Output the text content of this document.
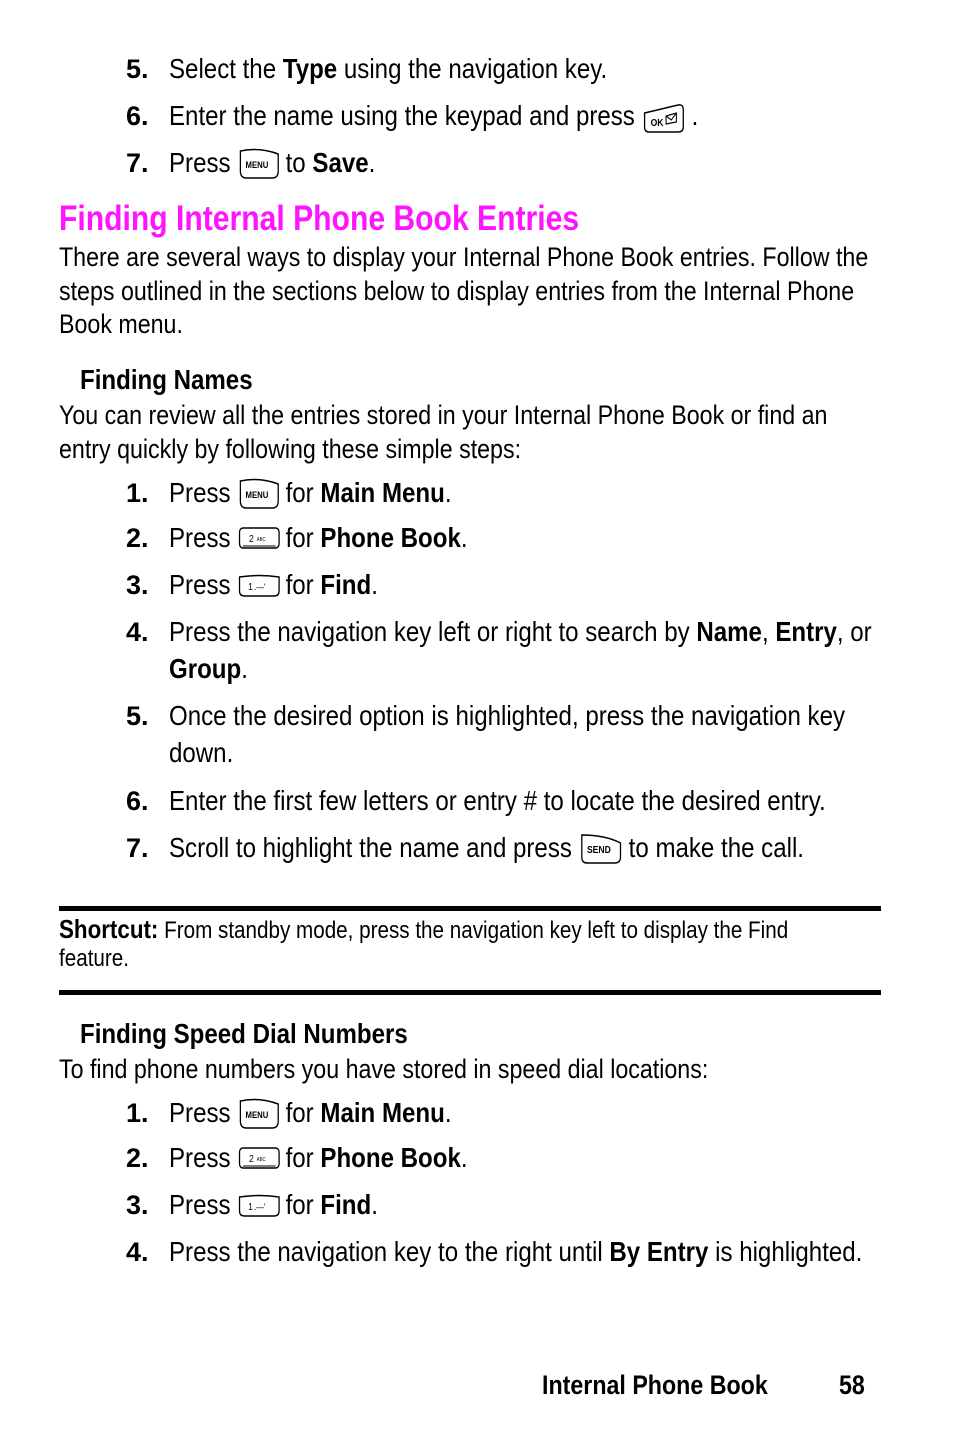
5. Select the Type using the navigation key.
6. Enter the name using the keypad and press OK .
7. Press MENU to Save.
Finding Internal Phone Book Entries
There are several ways to display your Internal Phone Book entries. Follow the
steps outlined in the sections below to display entries from the Internal Phone
Book menu.
Finding Names
You can review all the entries stored in your Internal Phone Book or find an
entry quickly by following these simple steps:
1. Press MENU for Main Menu.
2. Press 2 ABC for Phone Book.
3. Press 1 .—' for Find.
4. Press the navigation key left or right to search by Name, Entry, or
Group.
5. Once the desired option is highlighted, press the navigation key
down.
6. Enter the first few letters or entry # to locate the desired entry.
7. Scroll to highlight the name and press SEND to make the call.
Shortcut: From standby mode, press the navigation key left to display the Find
feature.
Finding Speed Dial Numbers
To find phone numbers you have stored in speed dial locations:
1. Press MENU for Main Menu.
2. Press 2 ABC for Phone Book.
3. Press 1 .—' for Find.
4. Press the navigation key to the right until By Entry is highlighted.
Internal Phone Book	58
